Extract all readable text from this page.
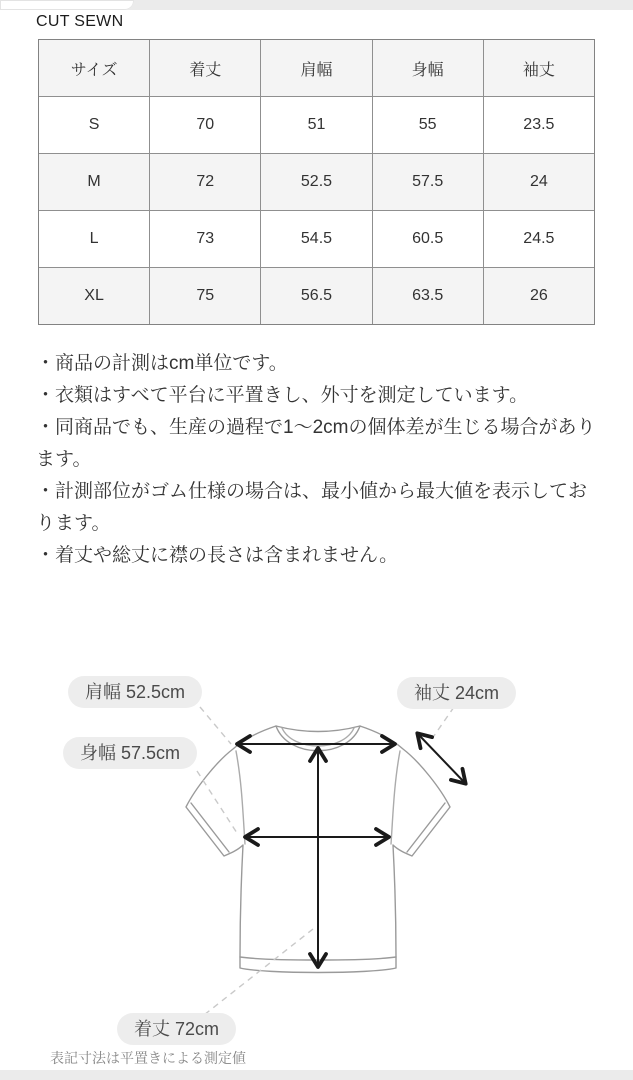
CUT SEWN
サイズ	着丈	肩幅	身幅	袖丈
S	70	51	55	23.5
M	72	52.5	57.5	24
L	73	54.5	60.5	24.5
XL	75	56.5	63.5	26
・商品の計測はcm単位です。
・衣類はすべて平台に平置きし、外寸を測定しています。
・同商品でも、生産の過程で1〜2cmの個体差が生じる場合があります。
・計測部位がゴム仕様の場合は、最小値から最大値を表示しております。
・着丈や総丈に襟の長さは含まれません。
肩幅 52.5cm	袖丈 24cm
身幅 57.5cm
着丈 72cm
表記寸法は平置きによる測定値
